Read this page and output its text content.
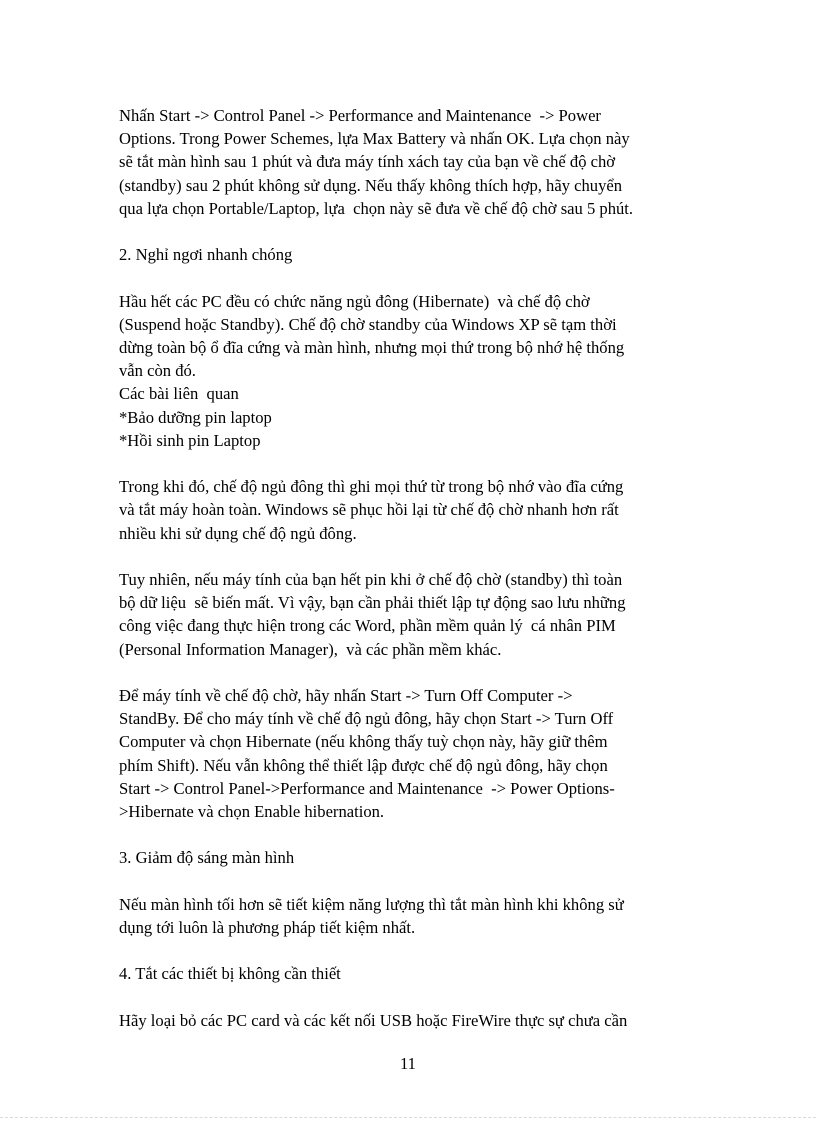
Nhấn Start -> Control Panel -> Performance and Maintenance  -> Power

Options. Trong Power Schemes, lựa Max Battery và nhấn OK. Lựa chọn này

sẽ tắt màn hình sau 1 phút và đưa máy tính xách tay của bạn về chế độ chờ

(standby) sau 2 phút không sử dụng. Nếu thấy không thích hợp, hãy chuyển

qua lựa chọn Portable/Laptop, lựa  chọn này sẽ đưa về chế độ chờ sau 5 phút.

2. Nghỉ ngơi nhanh chóng

Hầu hết các PC đều có chức năng ngủ đông (Hibernate)  và chế độ chờ

(Suspend hoặc Standby). Chế độ chờ standby của Windows XP sẽ tạm thời

dừng toàn bộ ổ đĩa cứng và màn hình, nhưng mọi thứ trong bộ nhớ hệ thống

vẫn còn đó.

Các bài liên  quan

*Bảo dưỡng pin laptop

*Hồi sinh pin Laptop

Trong khi đó, chế độ ngủ đông thì ghi mọi thứ từ trong bộ nhớ vào đĩa cứng

và tắt máy hoàn toàn. Windows sẽ phục hồi lại từ chế độ chờ nhanh hơn rất

nhiều khi sử dụng chế độ ngủ đông.

Tuy nhiên, nếu máy tính của bạn hết pin khi ở chế độ chờ (standby) thì toàn

bộ dữ liệu  sẽ biến mất. Vì vậy, bạn cần phải thiết lập tự động sao lưu những

công việc đang thực hiện trong các Word, phần mềm quản lý  cá nhân PIM

(Personal Information Manager),  và các phần mềm khác.

Để máy tính về chế độ chờ, hãy nhấn Start -> Turn Off Computer ->

StandBy. Để cho máy tính về chế độ ngủ đông, hãy chọn Start -> Turn Off

Computer và chọn Hibernate (nếu không thấy tuỳ chọn này, hãy giữ thêm

phím Shift). Nếu vẫn không thể thiết lập được chế độ ngủ đông, hãy chọn

Start -> Control Panel->Performance and Maintenance  -> Power Options-

>Hibernate và chọn Enable hibernation.

3. Giảm độ sáng màn hình

Nếu màn hình tối hơn sẽ tiết kiệm năng lượng thì tắt màn hình khi không sử

dụng tới luôn là phương pháp tiết kiệm nhất.

4. Tắt các thiết bị không cần thiết

Hãy loại bỏ các PC card và các kết nối USB hoặc FireWire thực sự chưa cần

11
